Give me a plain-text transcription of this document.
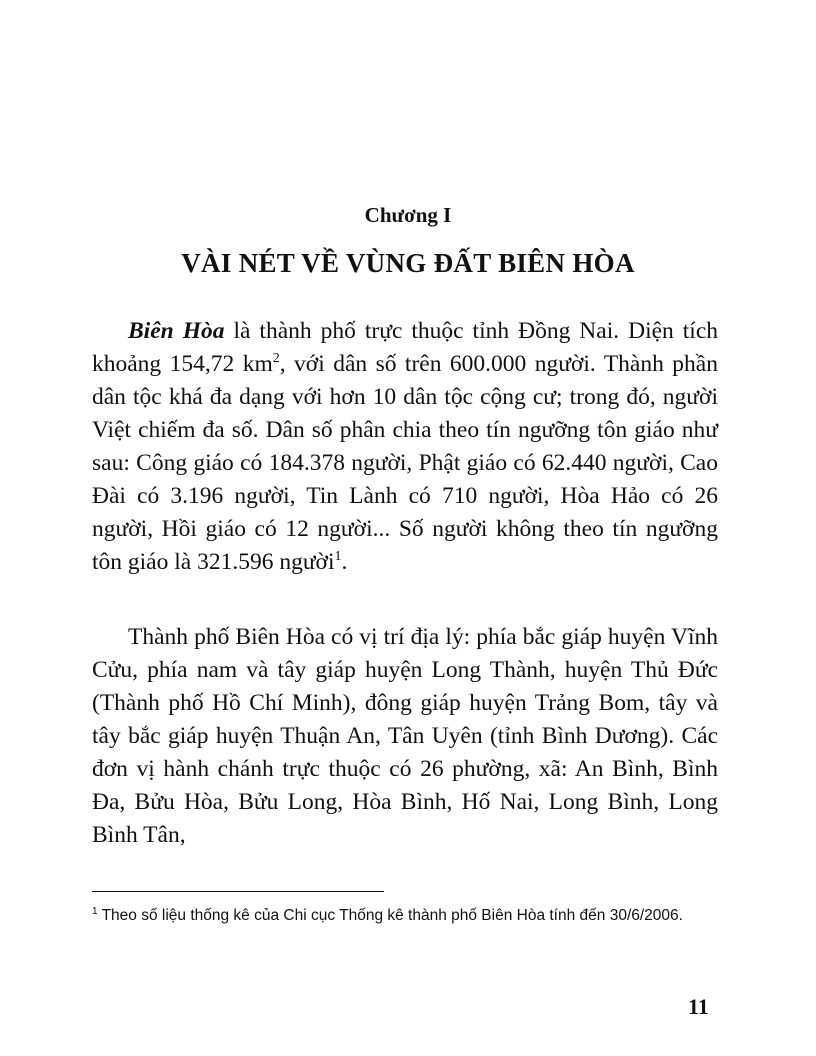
Chương I
VÀI NÉT VỀ VÙNG ĐẤT BIÊN HÒA

Biên Hòa là thành phố trực thuộc tỉnh Đồng Nai. Diện tích khoảng 154,72 $km^2$, với dân số trên 600.000 người. Thành phần dân tộc khá đa dạng với hơn 10 dân tộc cộng cư; trong đó, người Việt chiếm đa số. Dân số phân chia theo tín ngưỡng tôn giáo như sau: Công giáo có 184.378 người, Phật giáo có 62.440 người, Cao Đài có 3.196 người, Tin Lành có 710 người, Hòa Hảo có 26 người, Hồi giáo có 12 người... Số người không theo tín ngưỡng tôn giáo là 321.596 người$^1$.

Thành phố Biên Hòa có vị trí địa lý: phía bắc giáp huyện Vĩnh Cửu, phía nam và tây giáp huyện Long Thành, huyện Thủ Đức (Thành phố Hồ Chí Minh), đông giáp huyện Trảng Bom, tây và tây bắc giáp huyện Thuận An, Tân Uyên (tỉnh Bình Dương). Các đơn vị hành chánh trực thuộc có 26 phường, xã: An Bình, Bình Đa, Bửu Hòa, Bửu Long, Hòa Bình, Hố Nai, Long Bình, Long Bình Tân,

$^1$ Theo số liệu thống kê của Chi cục Thống kê thành phố Biên Hòa tính đến 30/6/2006.
11
